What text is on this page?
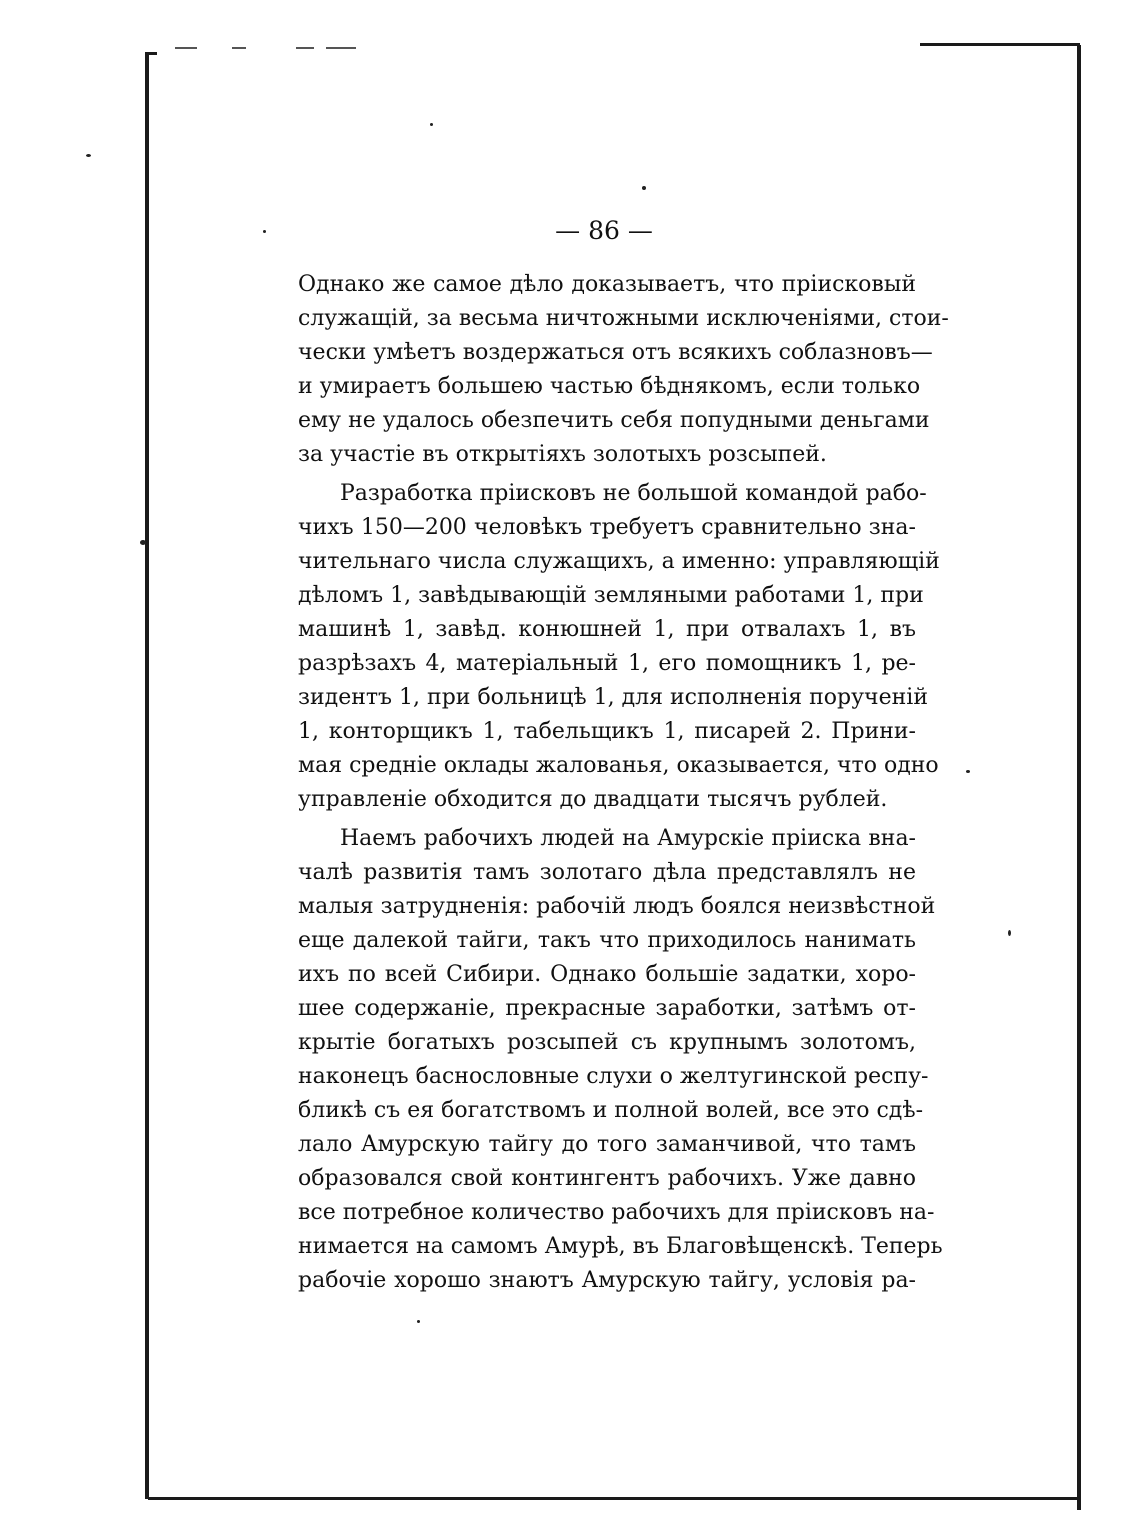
— 86 —
Однако же самое дѣло доказываетъ, что прiисковый
служащiй, за весьма ничтожными исключенiями, стои-
чески умѣетъ воздержаться отъ всякихъ соблазновъ—
и умираетъ большею частью бѣднякомъ, если только
ему не удалось обезпечить себя попудными деньгами
за участiе въ открытiяхъ золотыхъ розсыпей.
Разработка прiисковъ не большой командой рабо-
чихъ 150—200 человѣкъ требуетъ сравнительно зна-
чительнаго числа служащихъ, а именно: управляющiй
дѣломъ 1, завѣдывающiй земляными работами 1, при
машинѣ 1, завѣд. конюшней 1, при отвалахъ 1, въ
разрѣзахъ 4, матерiальный 1, его помощникъ 1, ре-
зидентъ 1, при больницѣ 1, для исполненiя порученiй
1, конторщикъ 1, табельщикъ 1, писарей 2. Прини-
мая среднiе оклады жалованья, оказывается, что одно
управленiе обходится до двадцати тысячъ рублей.
Наемъ рабочихъ людей на Амурскiе прiиска вна-
чалѣ развитiя тамъ золотаго дѣла представлялъ не
малыя затрудненiя: рабочiй людъ боялся неизвѣстной
еще далекой тайги, такъ что приходилось нанимать
ихъ по всей Сибири. Однако большiе задатки, хоро-
шее содержанiе, прекрасные заработки, затѣмъ от-
крытiе богатыхъ розсыпей съ крупнымъ золотомъ,
наконецъ баснословные слухи о желтугинской респу-
бликѣ съ ея богатствомъ и полной волей, все это сдѣ-
лало Амурскую тайгу до того заманчивой, что тамъ
образовался свой контингентъ рабочихъ. Уже давно
все потребное количество рабочихъ для прiисковъ на-
нимается на самомъ Амурѣ, въ Благовѣщенскѣ. Теперь
рабочiе хорошо знаютъ Амурскую тайгу, условiя ра-
